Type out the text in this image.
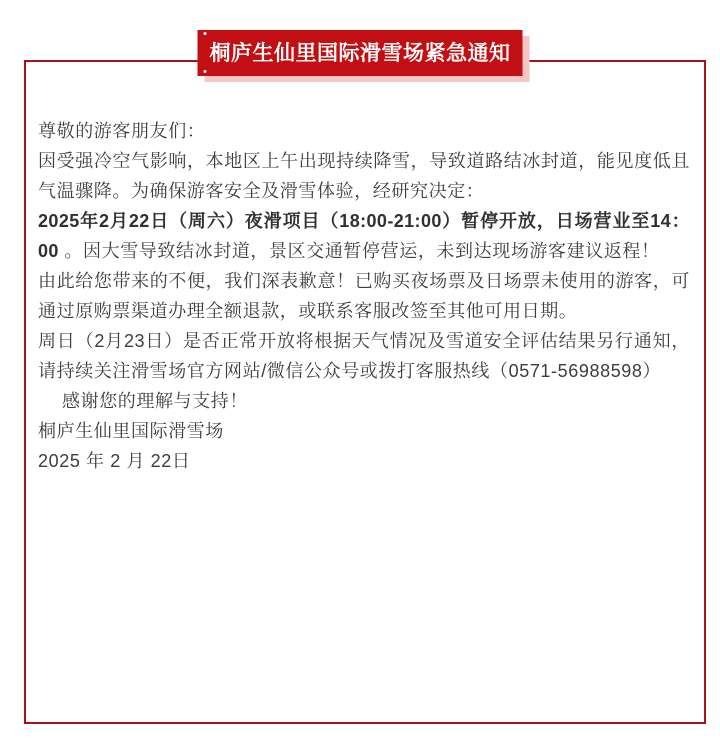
桐庐生仙里国际滑雪场紧急通知

尊敬的游客朋友们：

因受强冷空气影响，本地区上午出现持续降雪，导致道路结冰封道，能见度低且气温骤降。为确保游客安全及滑雪体验，经研究决定：

2025年2月22日（周六）夜滑项目（18:00-21:00）暂停开放，日场营业至14：00 。因大雪导致结冰封道，景区交通暂停营运，未到达现场游客建议返程！

由此给您带来的不便，我们深表歉意！已购买夜场票及日场票未使用的游客，可通过原购票渠道办理全额退款，或联系客服改签至其他可用日期。

周日（2月23日）是否正常开放将根据天气情况及雪道安全评估结果另行通知，请持续关注滑雪场官方网站/微信公众号或拨打客服热线（0571-56988598）

感谢您的理解与支持！

桐庐生仙里国际滑雪场

2025 年 2 月 22日
